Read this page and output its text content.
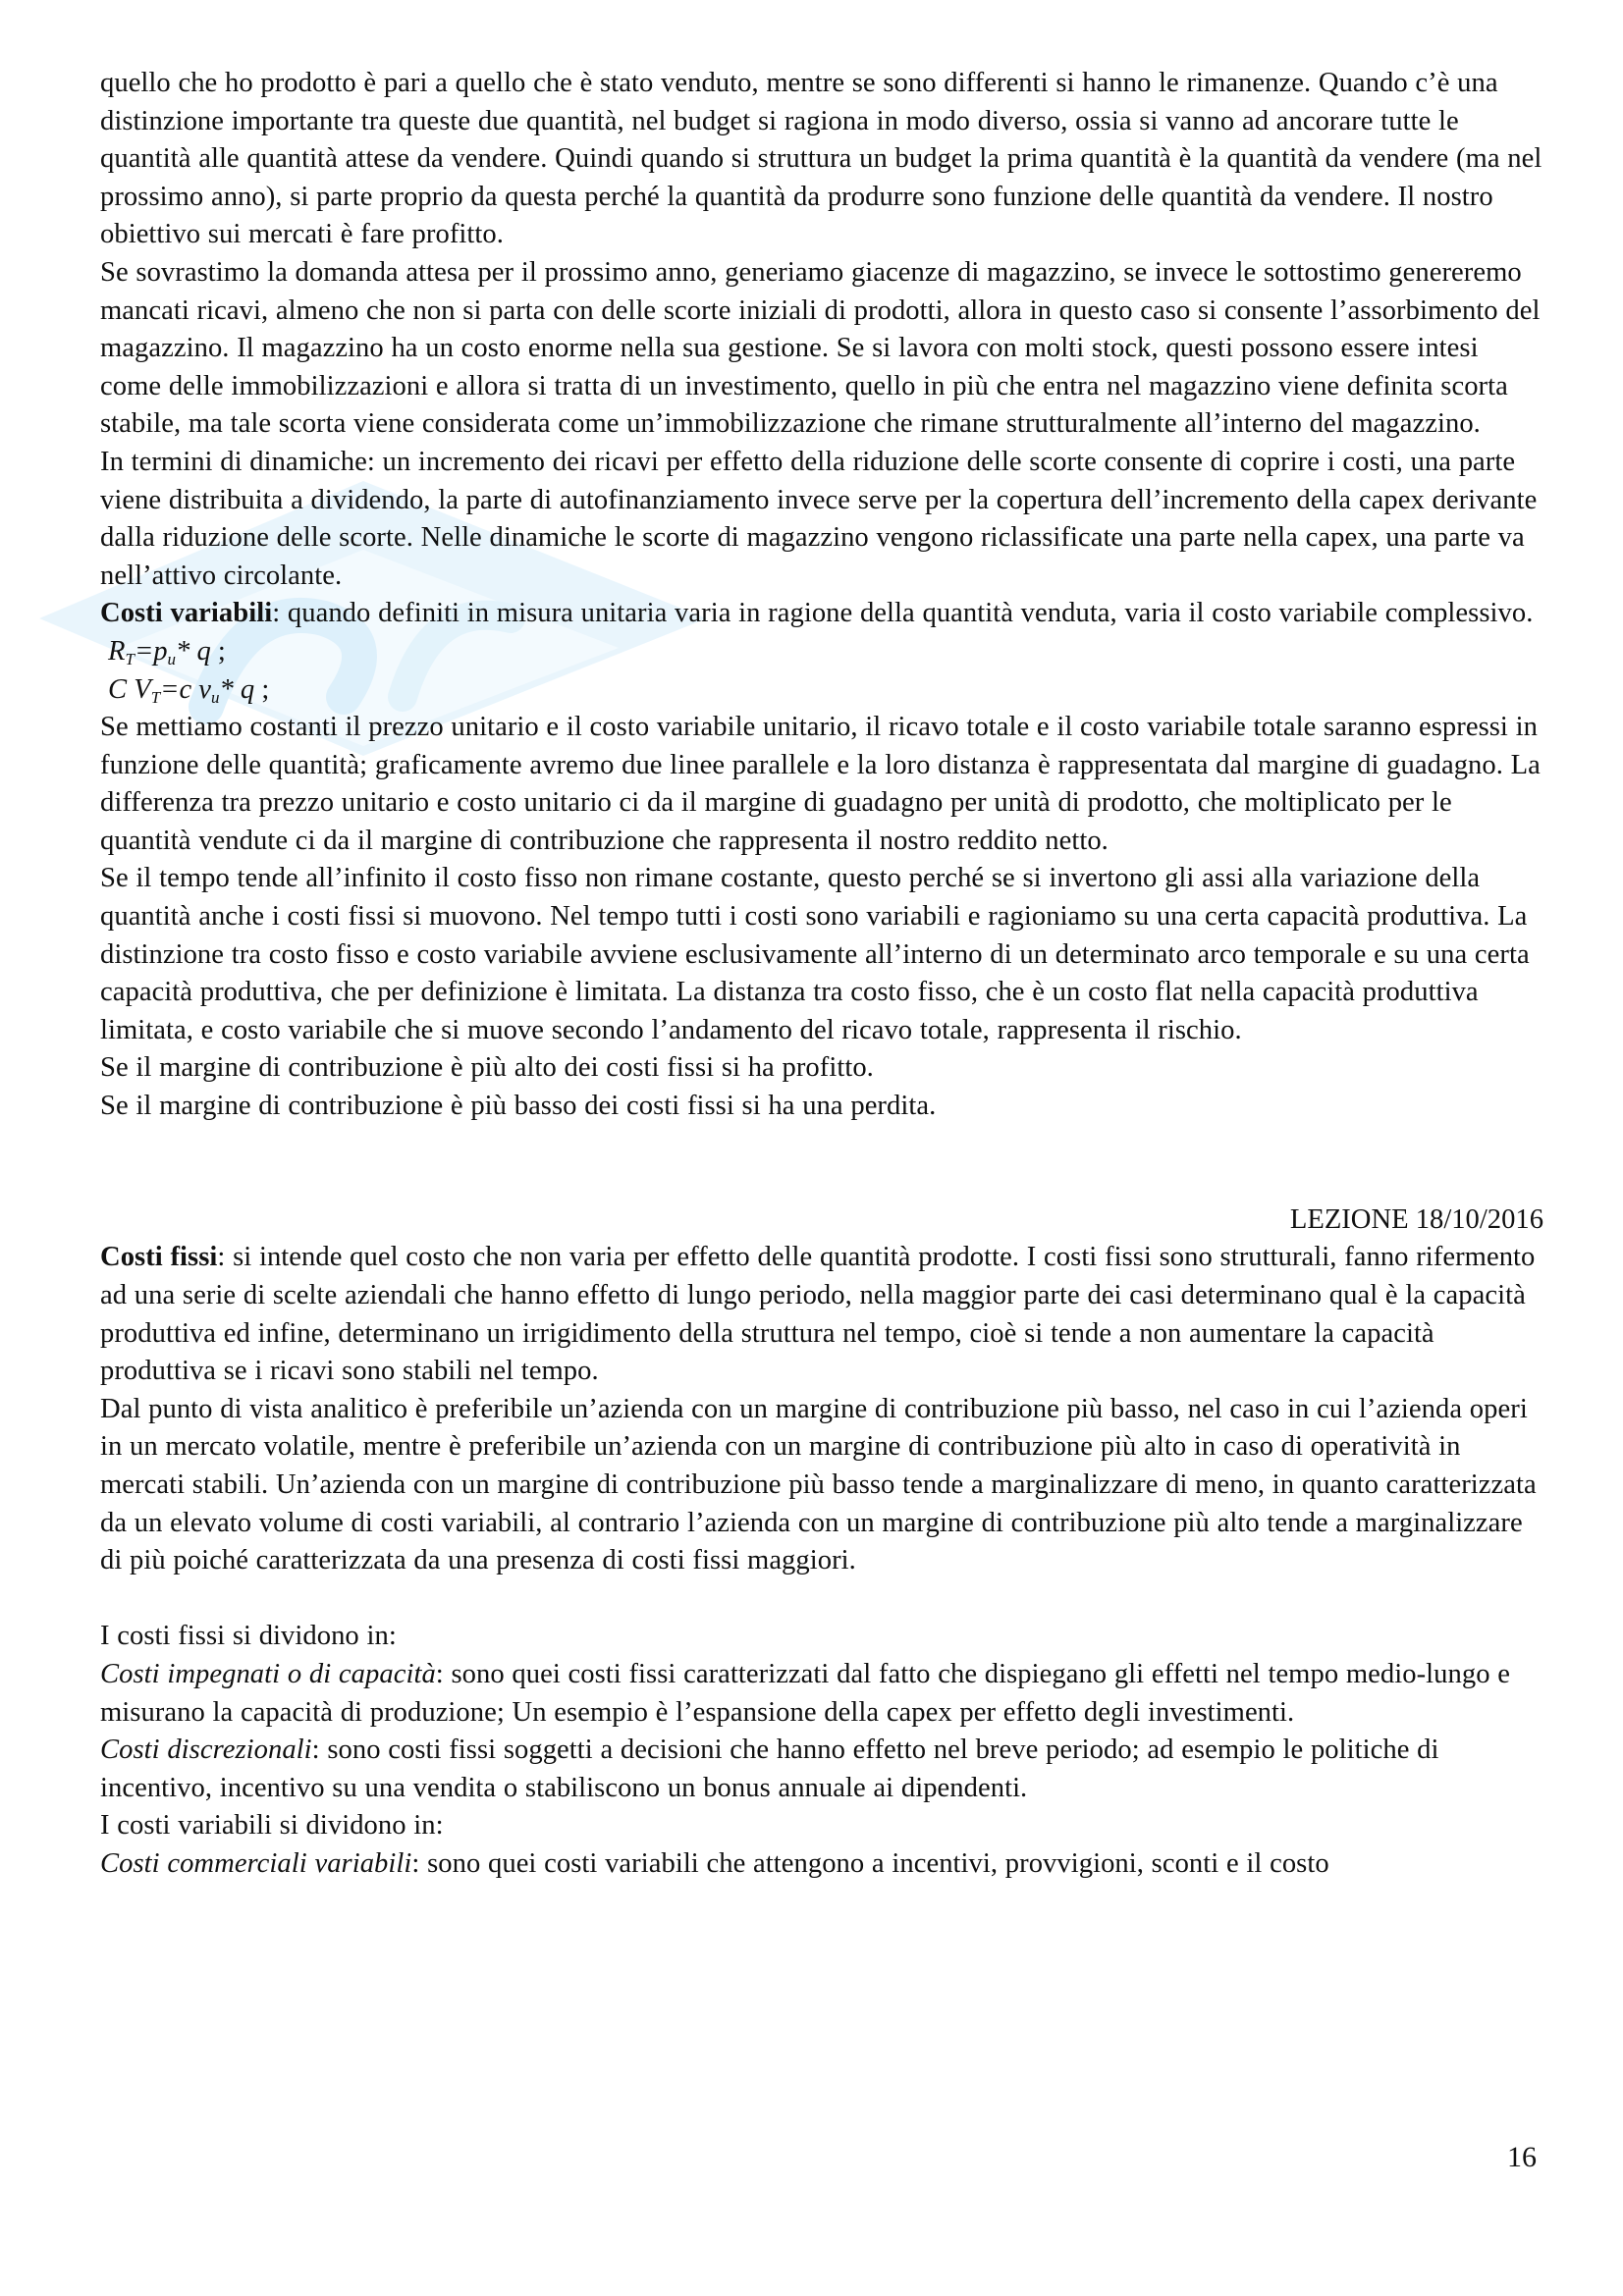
quello che ho prodotto è pari a quello che è stato venduto, mentre se sono differenti si hanno le rimanenze. Quando c’è una distinzione importante tra queste due quantità, nel budget si ragiona in modo diverso, ossia si vanno ad ancorare tutte le quantità alle quantità attese da vendere. Quindi quando si struttura un budget la prima quantità è la quantità da vendere (ma nel prossimo anno), si parte proprio da questa perché la quantità da produrre sono funzione delle quantità da vendere. Il nostro obiettivo sui mercati è fare profitto.

Se sovrastimo la domanda attesa per il prossimo anno, generiamo giacenze di magazzino, se invece le sottostimo genereremo mancati ricavi, almeno che non si parta con delle scorte iniziali di prodotti, allora in questo caso si consente l’assorbimento del magazzino. Il magazzino ha un costo enorme nella sua gestione. Se si lavora con molti stock, questi possono essere intesi come delle immobilizzazioni e allora si tratta di un investimento, quello in più che entra nel magazzino viene definita scorta stabile, ma tale scorta viene considerata come un’immobilizzazione che rimane strutturalmente all’interno del magazzino.

In termini di dinamiche: un incremento dei ricavi per effetto della riduzione delle scorte consente di coprire i costi, una parte viene distribuita a dividendo, la parte di autofinanziamento invece serve per la copertura dell’incremento della capex derivante dalla riduzione delle scorte. Nelle dinamiche le scorte di magazzino vengono riclassificate una parte nella capex, una parte va nell’attivo circolante.

Costi variabili: quando definiti in misura unitaria varia in ragione della quantità venduta, varia il costo variabile complessivo.

$R_T=p_u*$ q ;
C $V_T=c$ $v_u*$ q ;

Se mettiamo costanti il prezzo unitario e il costo variabile unitario, il ricavo totale e il costo variabile totale saranno espressi in funzione delle quantità; graficamente avremo due linee parallele e la loro distanza è rappresentata dal margine di guadagno. La differenza tra prezzo unitario e costo unitario ci da il margine di guadagno per unità di prodotto, che moltiplicato per le quantità vendute ci da il margine di contribuzione che rappresenta il nostro reddito netto.

Se il tempo tende all’infinito il costo fisso non rimane costante, questo perché se si invertono gli assi alla variazione della quantità anche i costi fissi si muovono. Nel tempo tutti i costi sono variabili e ragioniamo su una certa capacità produttiva. La distinzione tra costo fisso e costo variabile avviene esclusivamente all’interno di un determinato arco temporale e su una certa capacità produttiva, che per definizione è limitata. La distanza tra costo fisso, che è un costo flat nella capacità produttiva limitata, e costo variabile che si muove secondo l’andamento del ricavo totale, rappresenta il rischio.

Se il margine di contribuzione è più alto dei costi fissi si ha profitto.

Se il margine di contribuzione è più basso dei costi fissi si ha una perdita.

LEZIONE 18/10/2016

Costi fissi: si intende quel costo che non varia per effetto delle quantità prodotte. I costi fissi sono strutturali, fanno rifermento ad una serie di scelte aziendali che hanno effetto di lungo periodo, nella maggior parte dei casi determinano qual è la capacità produttiva ed infine, determinano un irrigidimento della struttura nel tempo, cioè si tende a non aumentare la capacità produttiva se i ricavi sono stabili nel tempo.

Dal punto di vista analitico è preferibile un’azienda con un margine di contribuzione più basso, nel caso in cui l’azienda operi in un mercato volatile, mentre è preferibile un’azienda con un margine di contribuzione più alto in caso di operatività in mercati stabili. Un’azienda con un margine di contribuzione più basso tende a marginalizzare di meno, in quanto caratterizzata da un elevato volume di costi variabili, al contrario l’azienda con un margine di contribuzione più alto tende a marginalizzare di più poiché caratterizzata da una presenza di costi fissi maggiori.

I costi fissi si dividono in:

Costi impegnati o di capacità: sono quei costi fissi caratterizzati dal fatto che dispiegano gli effetti nel tempo medio-lungo e misurano la capacità di produzione; Un esempio è l’espansione della capex per effetto degli investimenti.

Costi discrezionali: sono costi fissi soggetti a decisioni che hanno effetto nel breve periodo; ad esempio le politiche di incentivo, incentivo su una vendita o stabiliscono un bonus annuale ai dipendenti.

I costi variabili si dividono in:

Costi commerciali variabili: sono quei costi variabili che attengono a incentivi, provvigioni, sconti e il costo

16
